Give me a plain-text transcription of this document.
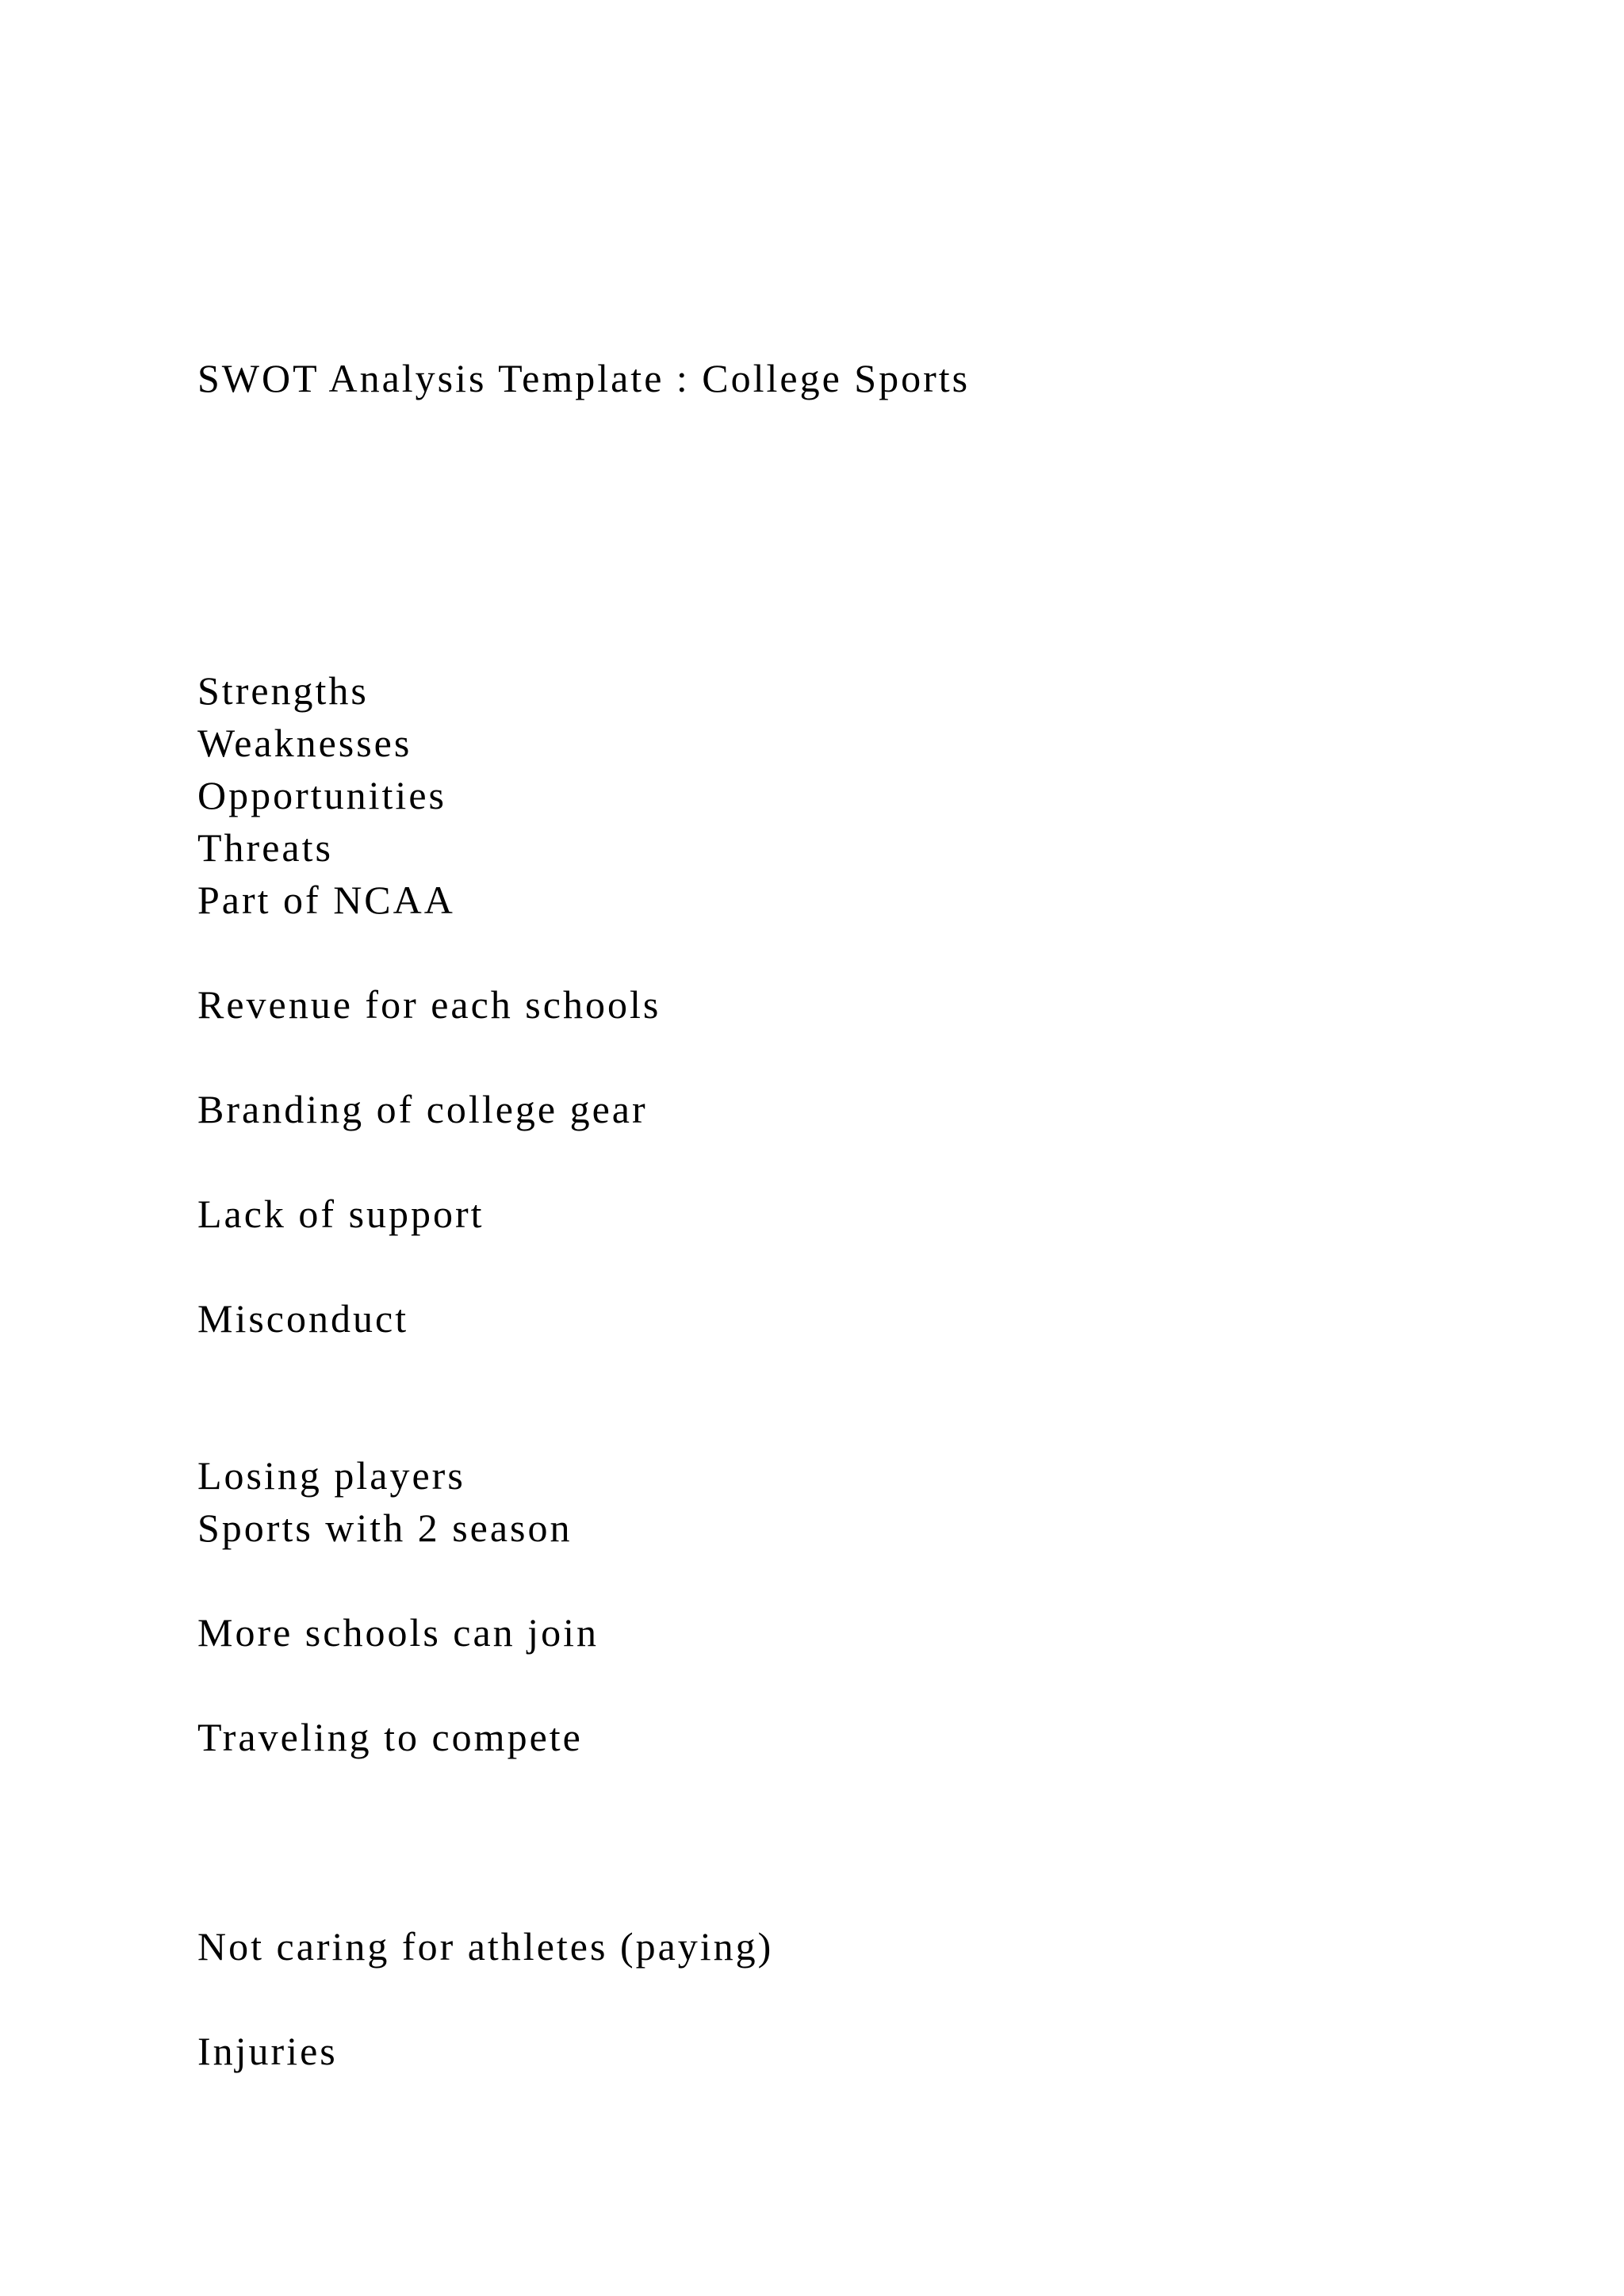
SWOT Analysis Template : College Sports

Strengths

Weaknesses

Opportunities

Threats

Part of NCAA

Revenue for each schools

Branding of college gear

Lack of support

Misconduct

Losing players

Sports with 2 season

More schools can join

Traveling to compete

Not caring for athletes (paying)

Injuries
